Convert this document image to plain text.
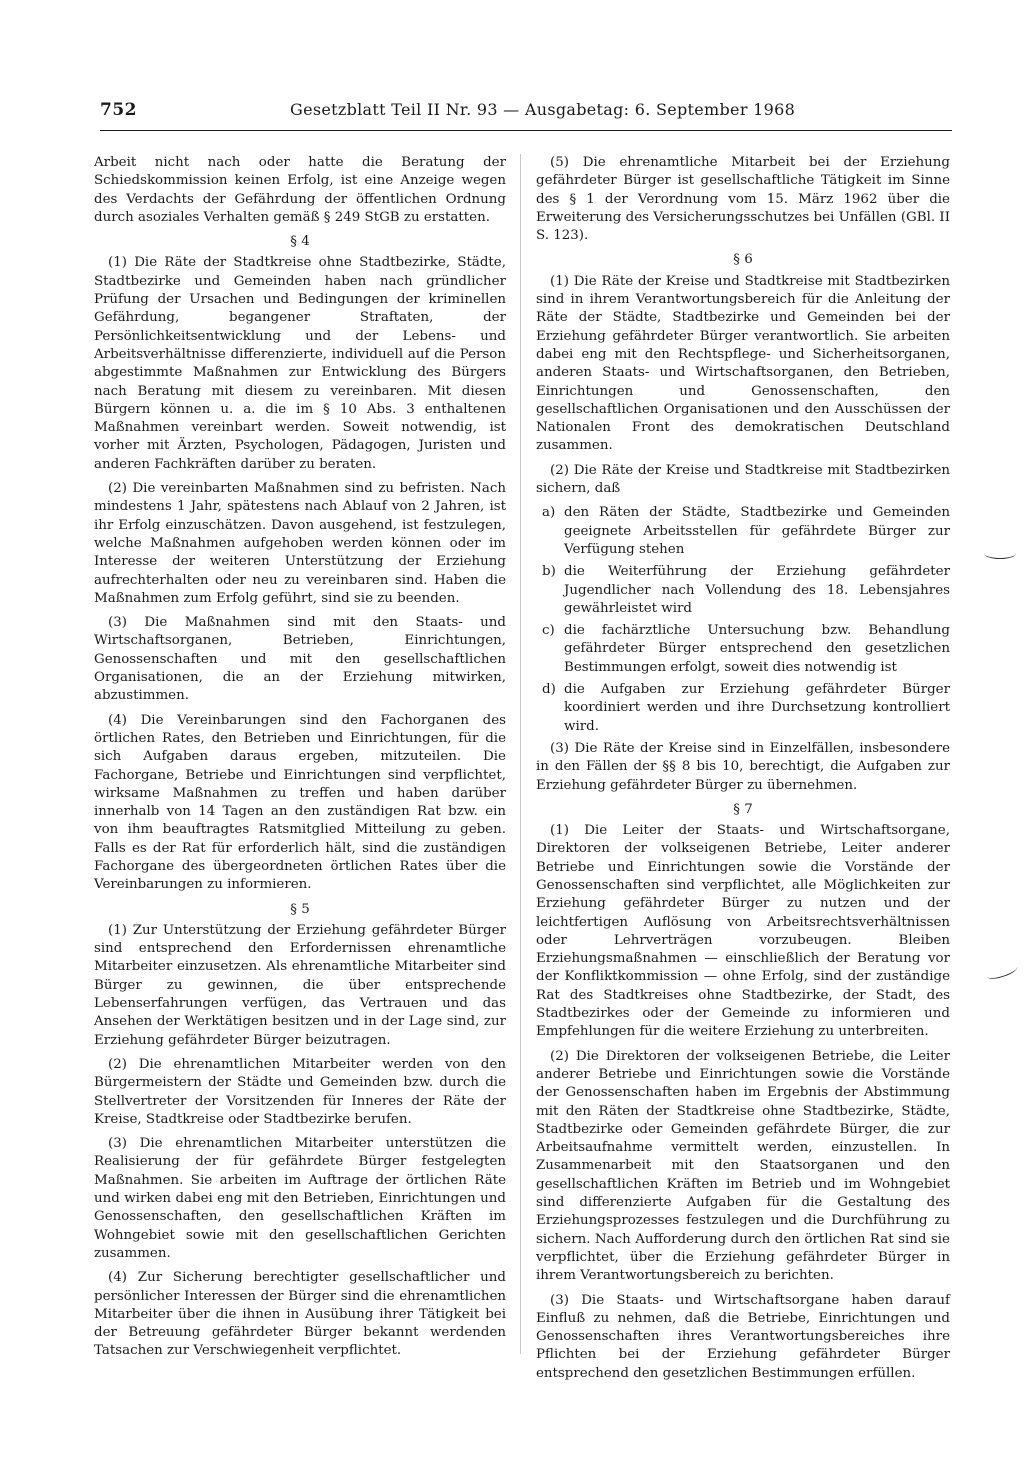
752	Gesetzblatt Teil II Nr. 93 — Ausgabetag: 6. September 1968

Arbeit nicht nach oder hatte die Beratung der Schiedskommission keinen Erfolg, ist eine Anzeige wegen des Verdachts der Gefährdung der öffentlichen Ordnung durch asoziales Verhalten gemäß § 249 StGB zu erstatten.

§ 4

(1) Die Räte der Stadtkreise ohne Stadtbezirke, Städte, Stadtbezirke und Gemeinden haben nach gründlicher Prüfung der Ursachen und Bedingungen der kriminellen Gefährdung, begangener Straftaten, der Persönlichkeitsentwicklung und der Lebens- und Arbeitsverhältnisse differenzierte, individuell auf die Person abgestimmte Maßnahmen zur Entwicklung des Bürgers nach Beratung mit diesem zu vereinbaren. Mit diesen Bürgern können u. a. die im § 10 Abs. 3 enthaltenen Maßnahmen vereinbart werden. Soweit notwendig, ist vorher mit Ärzten, Psychologen, Pädagogen, Juristen und anderen Fachkräften darüber zu beraten.

(2) Die vereinbarten Maßnahmen sind zu befristen. Nach mindestens 1 Jahr, spätestens nach Ablauf von 2 Jahren, ist ihr Erfolg einzuschätzen. Davon ausgehend, ist festzulegen, welche Maßnahmen aufgehoben werden können oder im Interesse der weiteren Unterstützung der Erziehung aufrechterhalten oder neu zu vereinbaren sind. Haben die Maßnahmen zum Erfolg geführt, sind sie zu beenden.

(3) Die Maßnahmen sind mit den Staats- und Wirtschaftsorganen, Betrieben, Einrichtungen, Genossenschaften und mit den gesellschaftlichen Organisationen, die an der Erziehung mitwirken, abzustimmen.

(4) Die Vereinbarungen sind den Fachorganen des örtlichen Rates, den Betrieben und Einrichtungen, für die sich Aufgaben daraus ergeben, mitzuteilen. Die Fachorgane, Betriebe und Einrichtungen sind verpflichtet, wirksame Maßnahmen zu treffen und haben darüber innerhalb von 14 Tagen an den zuständigen Rat bzw. ein von ihm beauftragtes Ratsmitglied Mitteilung zu geben. Falls es der Rat für erforderlich hält, sind die zuständigen Fachorgane des übergeordneten örtlichen Rates über die Vereinbarungen zu informieren.

§ 5

(1) Zur Unterstützung der Erziehung gefährdeter Bürger sind entsprechend den Erfordernissen ehrenamtliche Mitarbeiter einzusetzen. Als ehrenamtliche Mitarbeiter sind Bürger zu gewinnen, die über entsprechende Lebenserfahrungen verfügen, das Vertrauen und das Ansehen der Werktätigen besitzen und in der Lage sind, zur Erziehung gefährdeter Bürger beizutragen.

(2) Die ehrenamtlichen Mitarbeiter werden von den Bürgermeistern der Städte und Gemeinden bzw. durch die Stellvertreter der Vorsitzenden für Inneres der Räte der Kreise, Stadtkreise oder Stadtbezirke berufen.

(3) Die ehrenamtlichen Mitarbeiter unterstützen die Realisierung der für gefährdete Bürger festgelegten Maßnahmen. Sie arbeiten im Auftrage der örtlichen Räte und wirken dabei eng mit den Betrieben, Einrichtungen und Genossenschaften, den gesellschaftlichen Kräften im Wohngebiet sowie mit den gesellschaftlichen Gerichten zusammen.

(4) Zur Sicherung berechtigter gesellschaftlicher und persönlicher Interessen der Bürger sind die ehrenamtlichen Mitarbeiter über die ihnen in Ausübung ihrer Tätigkeit bei der Betreuung gefährdeter Bürger bekannt werdenden Tatsachen zur Verschwiegenheit verpflichtet.

(5) Die ehrenamtliche Mitarbeit bei der Erziehung gefährdeter Bürger ist gesellschaftliche Tätigkeit im Sinne des § 1 der Verordnung vom 15. März 1962 über die Erweiterung des Versicherungsschutzes bei Unfällen (GBl. II S. 123).

§ 6

(1) Die Räte der Kreise und Stadtkreise mit Stadtbezirken sind in ihrem Verantwortungsbereich für die Anleitung der Räte der Städte, Stadtbezirke und Gemeinden bei der Erziehung gefährdeter Bürger verantwortlich. Sie arbeiten dabei eng mit den Rechtspflege- und Sicherheitsorganen, anderen Staats- und Wirtschaftsorganen, den Betrieben, Einrichtungen und Genossenschaften, den gesellschaftlichen Organisationen und den Ausschüssen der Nationalen Front des demokratischen Deutschland zusammen.

(2) Die Räte der Kreise und Stadtkreise mit Stadtbezirken sichern, daß

a) den Räten der Städte, Stadtbezirke und Gemeinden geeignete Arbeitsstellen für gefährdete Bürger zur Verfügung stehen
b) die Weiterführung der Erziehung gefährdeter Jugendlicher nach Vollendung des 18. Lebensjahres gewährleistet wird
c) die fachärztliche Untersuchung bzw. Behandlung gefährdeter Bürger entsprechend den gesetzlichen Bestimmungen erfolgt, soweit dies notwendig ist
d) die Aufgaben zur Erziehung gefährdeter Bürger koordiniert werden und ihre Durchsetzung kontrolliert wird.

(3) Die Räte der Kreise sind in Einzelfällen, insbesondere in den Fällen der §§ 8 bis 10, berechtigt, die Aufgaben zur Erziehung gefährdeter Bürger zu übernehmen.

§ 7

(1) Die Leiter der Staats- und Wirtschaftsorgane, Direktoren der volkseigenen Betriebe, Leiter anderer Betriebe und Einrichtungen sowie die Vorstände der Genossenschaften sind verpflichtet, alle Möglichkeiten zur Erziehung gefährdeter Bürger zu nutzen und der leichtfertigen Auflösung von Arbeitsrechtsverhältnissen oder Lehrverträgen vorzubeugen. Bleiben Erziehungsmaßnahmen — einschließlich der Beratung vor der Konfliktkommission — ohne Erfolg, sind der zuständige Rat des Stadtkreises ohne Stadtbezirke, der Stadt, des Stadtbezirkes oder der Gemeinde zu informieren und Empfehlungen für die weitere Erziehung zu unterbreiten.

(2) Die Direktoren der volkseigenen Betriebe, die Leiter anderer Betriebe und Einrichtungen sowie die Vorstände der Genossenschaften haben im Ergebnis der Abstimmung mit den Räten der Stadtkreise ohne Stadtbezirke, Städte, Stadtbezirke oder Gemeinden gefährdete Bürger, die zur Arbeitsaufnahme vermittelt werden, einzustellen. In Zusammenarbeit mit den Staatsorganen und den gesellschaftlichen Kräften im Betrieb und im Wohngebiet sind differenzierte Aufgaben für die Gestaltung des Erziehungsprozesses festzulegen und die Durchführung zu sichern. Nach Aufforderung durch den örtlichen Rat sind sie verpflichtet, über die Erziehung gefährdeter Bürger in ihrem Verantwortungsbereich zu berichten.

(3) Die Staats- und Wirtschaftsorgane haben darauf Einfluß zu nehmen, daß die Betriebe, Einrichtungen und Genossenschaften ihres Verantwortungsbereiches ihre Pflichten bei der Erziehung gefährdeter Bürger entsprechend den gesetzlichen Bestimmungen erfüllen.
